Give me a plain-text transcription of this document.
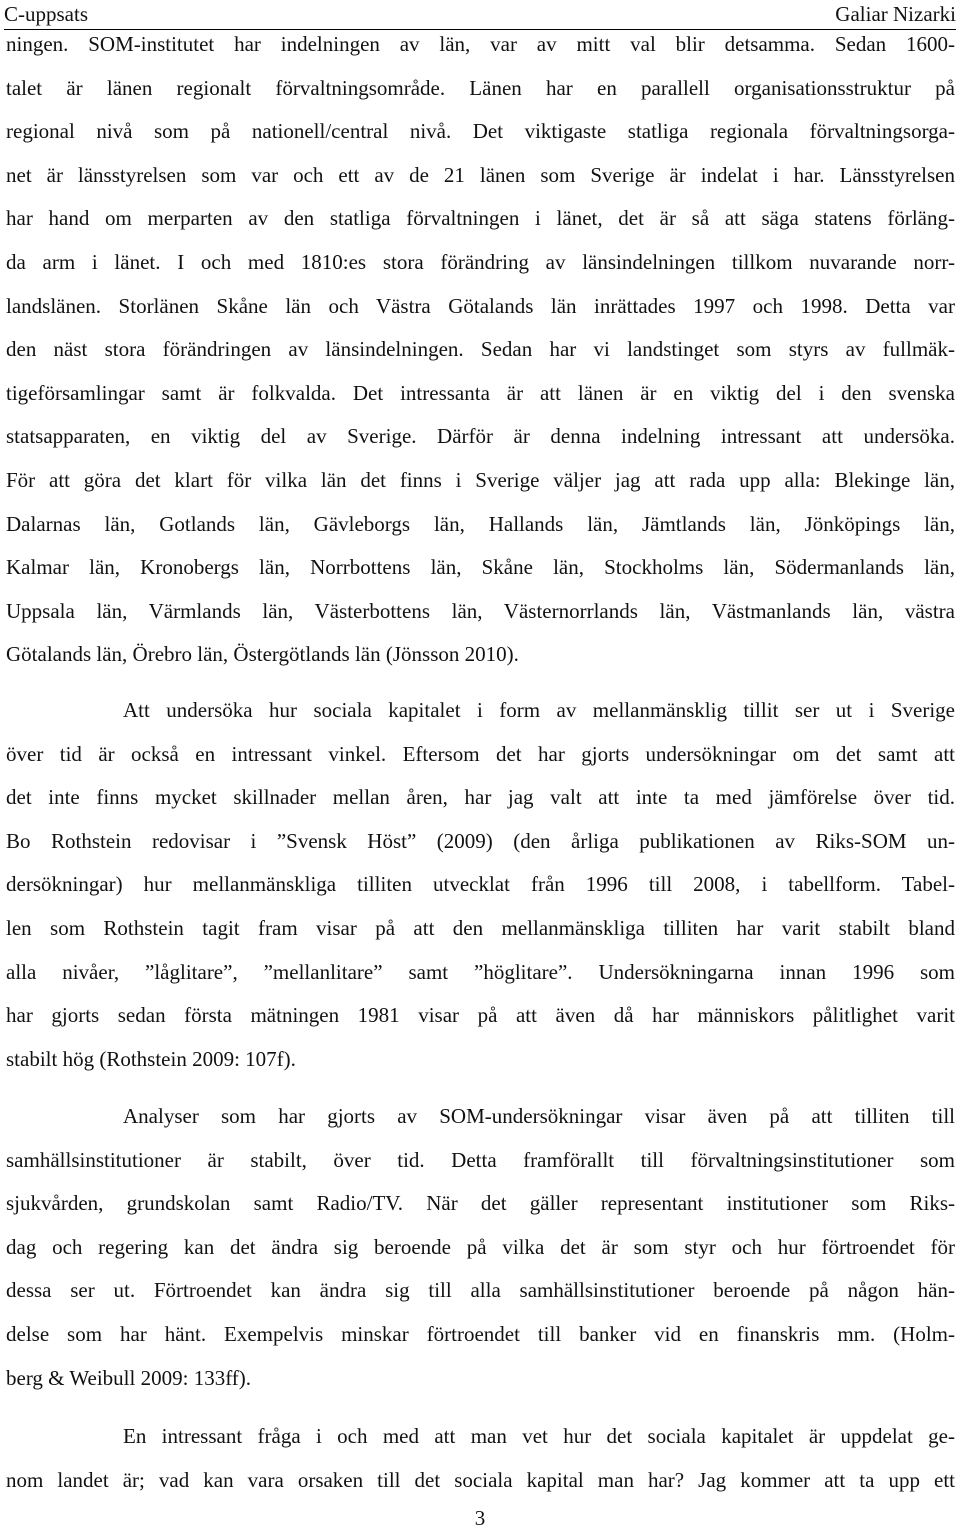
C-uppsats	Galiar Nizarki
ningen. SOM-institutet har indelningen av län, var av mitt val blir detsamma. Sedan 1600-
talet är länen regionalt förvaltningsområde. Länen har en parallell organisationsstruktur på
regional nivå som på nationell/central nivå. Det viktigaste statliga regionala förvaltningsorga-
net är länsstyrelsen som var och ett av de 21 länen som Sverige är indelat i har. Länsstyrelsen
har hand om merparten av den statliga förvaltningen i länet, det är så att säga statens förläng-
da arm i länet. I och med 1810:es stora förändring av länsindelningen tillkom nuvarande norr-
landslänen. Storlänen Skåne län och Västra Götalands län inrättades 1997 och 1998. Detta var
den näst stora förändringen av länsindelningen. Sedan har vi landstinget som styrs av fullmäk-
tigeförsamlingar samt är folkvalda. Det intressanta är att länen är en viktig del i den svenska
statsapparaten, en viktig del av Sverige. Därför är denna indelning intressant att undersöka.
För att göra det klart för vilka län det finns i Sverige väljer jag att rada upp alla: Blekinge län,
Dalarnas län, Gotlands län, Gävleborgs län, Hallands län, Jämtlands län, Jönköpings län,
Kalmar län, Kronobergs län, Norrbottens län, Skåne län, Stockholms län, Södermanlands län,
Uppsala län, Värmlands län, Västerbottens län, Västernorrlands län, Västmanlands län, västra
Götalands län, Örebro län, Östergötlands län (Jönsson 2010).
Att undersöka hur sociala kapitalet i form av mellanmänsklig tillit ser ut i Sverige
över tid är också en intressant vinkel. Eftersom det har gjorts undersökningar om det samt att
det inte finns mycket skillnader mellan åren, har jag valt att inte ta med jämförelse över tid.
Bo Rothstein redovisar i ”Svensk Höst” (2009) (den årliga publikationen av Riks-SOM un-
dersökningar) hur mellanmänskliga tilliten utvecklat från 1996 till 2008, i tabellform. Tabel-
len som Rothstein tagit fram visar på att den mellanmänskliga tilliten har varit stabilt bland
alla nivåer, ”låglitare”, ”mellanlitare” samt ”höglitare”. Undersökningarna innan 1996 som
har gjorts sedan första mätningen 1981 visar på att även då har människors pålitlighet varit
stabilt hög (Rothstein 2009: 107f).
Analyser som har gjorts av SOM-undersökningar visar även på att tilliten till
samhällsinstitutioner är stabilt, över tid. Detta framförallt till förvaltningsinstitutioner som
sjukvården, grundskolan samt Radio/TV. När det gäller representant institutioner som Riks-
dag och regering kan det ändra sig beroende på vilka det är som styr och hur förtroendet för
dessa ser ut. Förtroendet kan ändra sig till alla samhällsinstitutioner beroende på någon hän-
delse som har hänt. Exempelvis minskar förtroendet till banker vid en finanskris mm. (Holm-
berg & Weibull 2009: 133ff).
En intressant fråga i och med att man vet hur det sociala kapitalet är uppdelat ge-
nom landet är; vad kan vara orsaken till det sociala kapital man har? Jag kommer att ta upp ett
3
